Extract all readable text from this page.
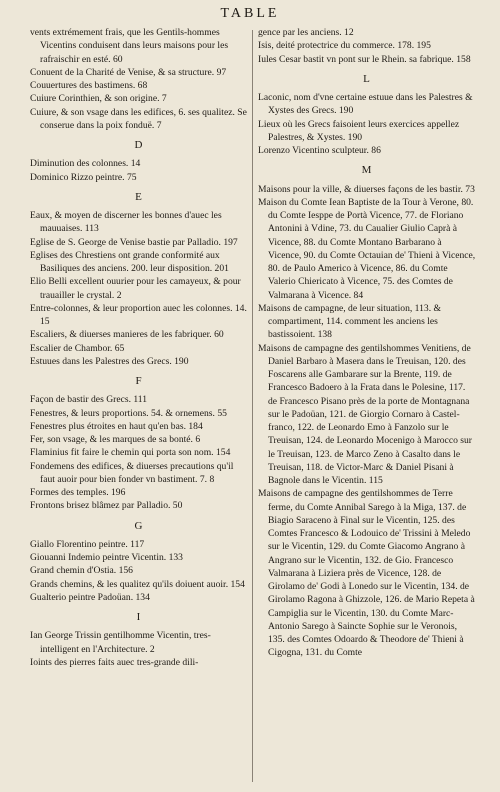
TABLE
vents extrémement frais, que les Gentils-hommes Vicentins conduisent dans leurs maisons pour les rafraischir en esté. 60
Conuent de la Charité de Venise, & sa structure. 97
Couuertures des bastimens. 68
Cuiure Corinthien, & son origine. 7
Cuiure, & son vsage dans les edifices, 6. ses qualitez. Se conserue dans la poix fonduë. 7
D
Diminution des colonnes. 14
Dominico Rizzo peintre. 75
E
Eaux, & moyen de discerner les bonnes d'auec les mauuaises. 113
Eglise de S. George de Venise bastie par Palladio. 197
Eglises des Chrestiens ont grande conformité aux Basiliques des anciens. 200. leur disposition. 201
Elio Belli excellent ouurier pour les camayeux, & pour trauailler le crystal. 2
Entre-colonnes, & leur proportion auec les colonnes. 14. 15
Escaliers, & diuerses manieres de les fabriquer. 60
Escalier de Chambor. 65
Estuues dans les Palestres des Grecs. 190
F
Façon de bastir des Grecs. 111
Fenestres, & leurs proportions. 54. & ornemens. 55
Fenestres plus étroites en haut qu'en bas. 184
Fer, son vsage, & les marques de sa bonté. 6
Flaminius fit faire le chemin qui porta son nom. 154
Fondemens des edifices, & diuerses precautions qu'il faut auoir pour bien fonder vn bastiment. 7. 8
Formes des temples. 196
Frontons brisez blâmez par Palladio. 50
G
Giallo Florentino peintre. 117
Giouanni Indemio peintre Vicentin. 133
Grand chemin d'Ostia. 156
Grands chemins, & les qualitez qu'ils doiuent auoir. 154
Gualterio peintre Padoüan. 134
I
Ian George Trissin gentilhomme Vicentin, tres-intelligent en l'Architecture. 2
Ioints des pierres faits auec tres-grande dili-
gence par les anciens. 12
Isis, deité protectrice du commerce. 178. 195
Iules Cesar bastit vn pont sur le Rhein. sa fabrique. 158
L
Laconic, nom d'vne certaine estuue dans les Palestres & Xystes des Grecs. 190
Lieux où les Grecs faisoient leurs exercices appellez Palestres, & Xystes. 190
Lorenzo Vicentino sculpteur. 86
M
Maisons pour la ville, & diuerses façons de les bastir. 73
Maison du Comte Iean Baptiste de la Tour à Verone, 80. du Comte Iesppe de Portà Vicence, 77. de Floriano Antonini à Vdine, 73. du Caualier Giulio Caprà à Vicence, 88. du Comte Montano Barbarano à Vicence, 90. du Comte Octauian de' Thieni à Vicence, 80. de Paulo Americo à Vicence, 86. du Comte Valerio Chiericato à Vicence, 75. des Comtes de Valmarana à Vicence. 84
Maisons de campagne, de leur situation, 113. & compartiment, 114. comment les anciens les bastissoient. 138
Maisons de campagne des gentilshommes Venitiens, de Daniel Barbaro à Masera dans le Treuisan, 120. des Foscarens alle Gambarare sur la Brente, 119. de Francesco Badoero à la Frata dans le Polesine, 117. de Francesco Pisano près de la porte de Montagnana sur le Padoüan, 121. de Giorgio Cornaro à Castel-franco, 122. de Leonardo Emo à Fanzolo sur le Treuisan, 124. de Leonardo Mocenigo à Marocco sur le Treuisan, 123. de Marco Zeno à Casalto dans le Treuisan, 118. de Victor-Marc & Daniel Pisani à Bagnole dans le Vicentin. 115
Maisons de campagne des gentilshommes de Terre ferme, du Comte Annibal Sarego à la Miga, 137. de Biagio Saraceno à Final sur le Vicentin, 125. des Comtes Francesco & Lodouico de' Trissini à Meledo sur le Vicentin, 129. du Comte Giacomo Angrano à Angrano sur le Vicentin, 132. de Gio. Francesco Valmarana à Liziera près de Vicence, 128. de Girolamo de' Godi à Lonedo sur le Vicentin, 134. de Girolamo Ragona à Ghizzole, 126. de Mario Repeta à Campiglia sur le Vicentin, 130. du Comte Marc-Antonio Sarego à Saincte Sophie sur le Veronois, 135. des Comtes Odoardo & Theodore de' Thieni à Cigogna, 131. du Comte
